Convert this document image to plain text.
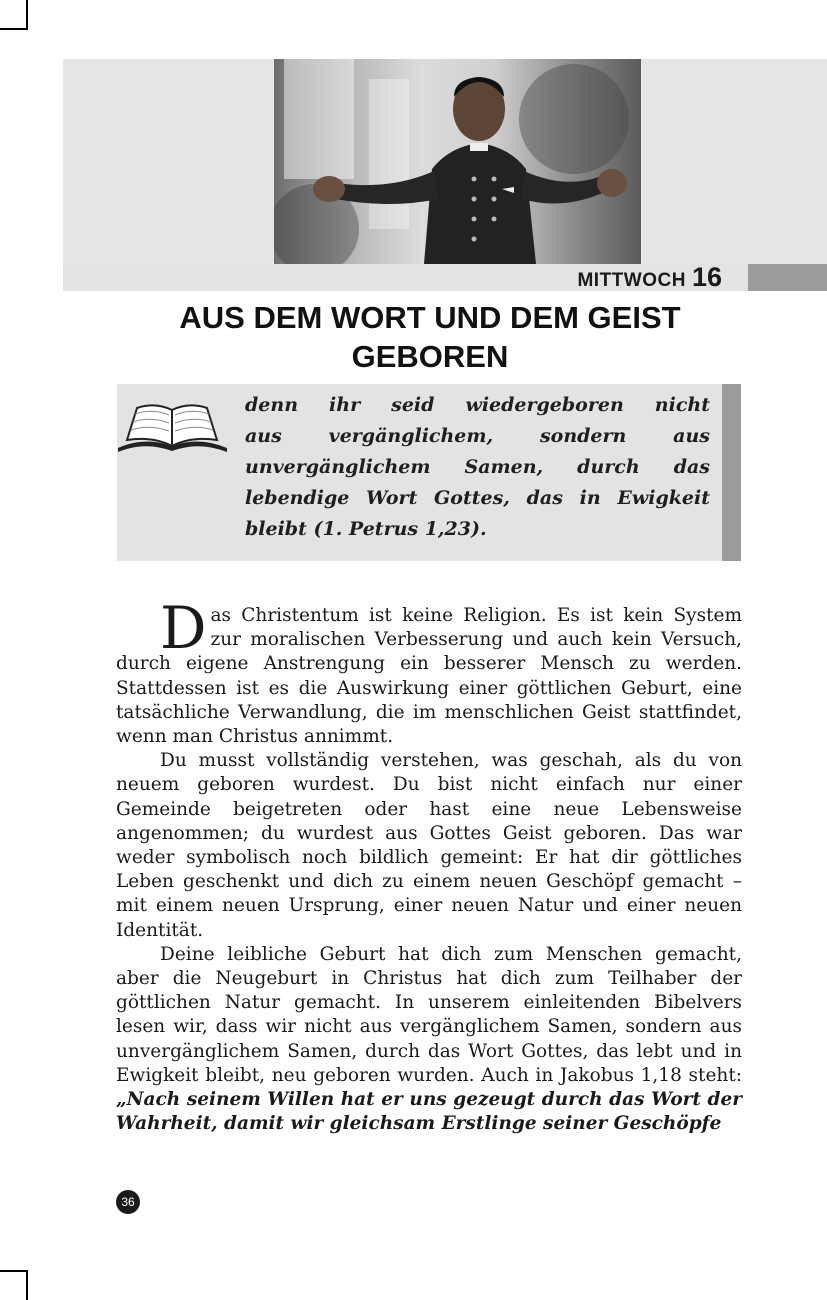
MITTWOCH 16
AUS DEM WORT UND DEM GEIST
GEBOREN
denn ihr seid wiedergeboren nicht
aus vergänglichem, sondern aus
unvergänglichem Samen, durch das
lebendige Wort Gottes, das in Ewigkeit
bleibt (1. Petrus 1,23).

Das Christentum ist keine Religion. Es ist kein System zur moralischen Verbesserung und auch kein Versuch, durch eigene Anstrengung ein besserer Mensch zu werden. Stattdessen ist es die Auswirkung einer göttlichen Geburt, eine tatsächliche Verwandlung, die im menschlichen Geist stattfindet, wenn man Christus annimmt.

Du musst vollständig verstehen, was geschah, als du von neuem geboren wurdest. Du bist nicht einfach nur einer Gemeinde beigetreten oder hast eine neue Lebensweise angenommen; du wurdest aus Gottes Geist geboren. Das war weder symbolisch noch bildlich gemeint: Er hat dir göttliches Leben geschenkt und dich zu einem neuen Geschöpf gemacht – mit einem neuen Ursprung, einer neuen Natur und einer neuen Identität.

Deine leibliche Geburt hat dich zum Menschen gemacht, aber die Neugeburt in Christus hat dich zum Teilhaber der göttlichen Natur gemacht. In unserem einleitenden Bibelvers lesen wir, dass wir nicht aus vergänglichem Samen, sondern aus unvergänglichem Samen, durch das Wort Gottes, das lebt und in Ewigkeit bleibt, neu geboren wurden. Auch in Jakobus 1,18 steht: „Nach seinem Willen hat er uns gezeugt durch das Wort der Wahrheit, damit wir gleichsam Erstlinge seiner Geschöpfe

36
